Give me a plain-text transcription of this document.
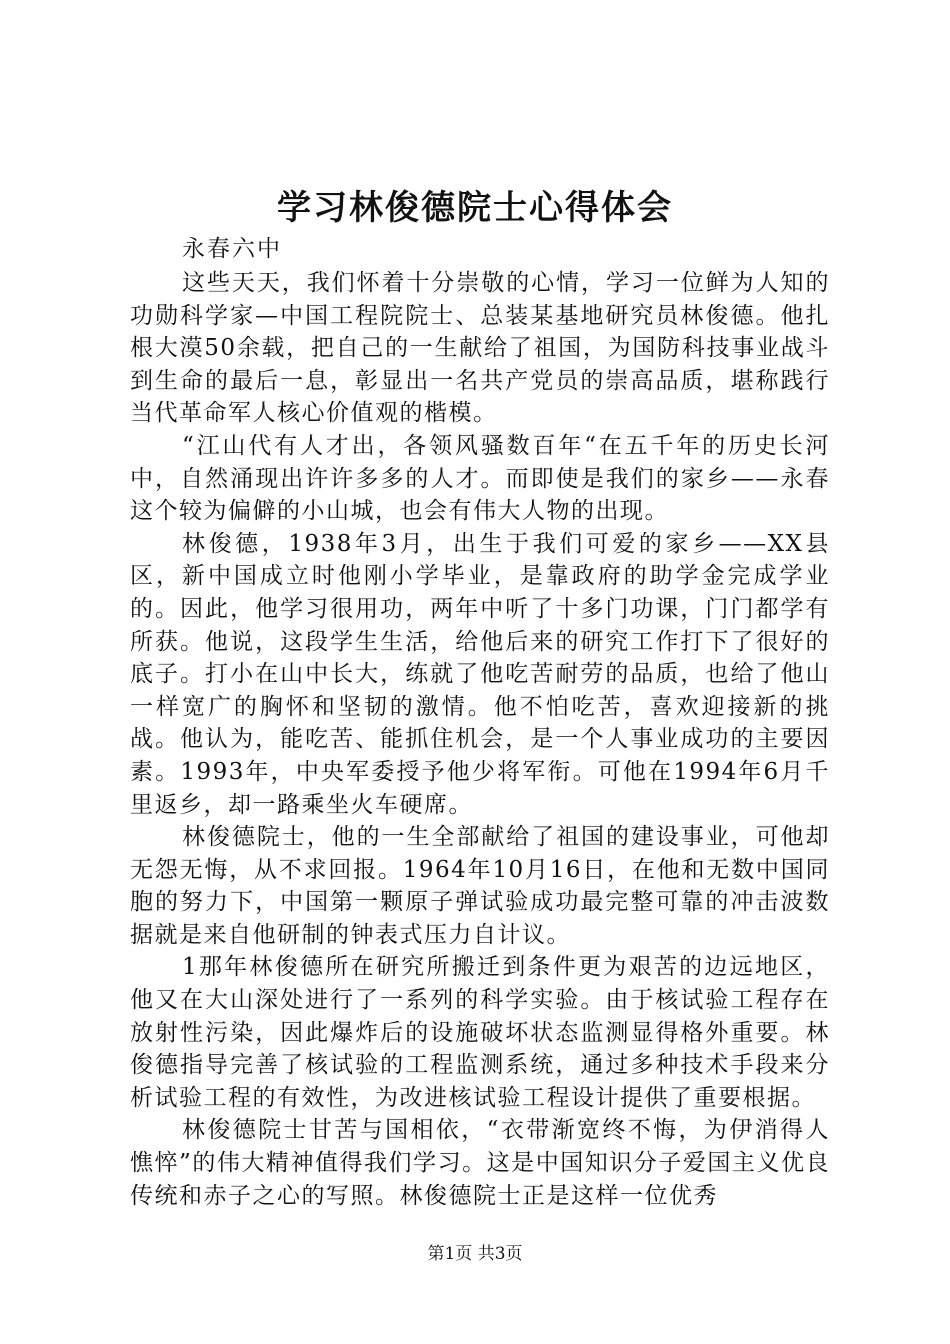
学习林俊德院士心得体会

永春六中

这些天天，我们怀着十分崇敬的心情，学习一位鲜为人知的功勋科学家—中国工程院院士、总装某基地研究员林俊德。他扎根大漠50余载，把自己的一生献给了祖国，为国防科技事业战斗到生命的最后一息，彰显出一名共产党员的崇高品质，堪称践行当代革命军人核心价值观的楷模。

“江山代有人才出，各领风骚数百年“在五千年的历史长河中，自然涌现出许许多多的人才。而即使是我们的家乡——永春这个较为偏僻的小山城，也会有伟大人物的出现。

林俊德，1938年3月，出生于我们可爱的家乡——XX县区，新中国成立时他刚小学毕业，是靠政府的助学金完成学业的。因此，他学习很用功，两年中听了十多门功课，门门都学有所获。他说，这段学生生活，给他后来的研究工作打下了很好的底子。打小在山中长大，练就了他吃苦耐劳的品质，也给了他山一样宽广的胸怀和坚韧的激情。他不怕吃苦，喜欢迎接新的挑战。他认为，能吃苦、能抓住机会，是一个人事业成功的主要因素。1993年，中央军委授予他少将军衔。可他在1994年6月千里返乡，却一路乘坐火车硬席。

林俊德院士，他的一生全部献给了祖国的建设事业，可他却无怨无悔，从不求回报。1964年10月16日，在他和无数中国同胞的努力下，中国第一颗原子弹试验成功最完整可靠的冲击波数据就是来自他研制的钟表式压力自计议。

1那年林俊德所在研究所搬迁到条件更为艰苦的边远地区，他又在大山深处进行了一系列的科学实验。由于核试验工程存在放射性污染，因此爆炸后的设施破坏状态监测显得格外重要。林俊德指导完善了核试验的工程监测系统，通过多种技术手段来分析试验工程的有效性，为改进核试验工程设计提供了重要根据。

林俊德院士甘苦与国相依，“衣带渐宽终不悔，为伊消得人憔悴”的伟大精神值得我们学习。这是中国知识分子爱国主义优良传统和赤子之心的写照。林俊德院士正是这样一位优秀

第1页 共3页
